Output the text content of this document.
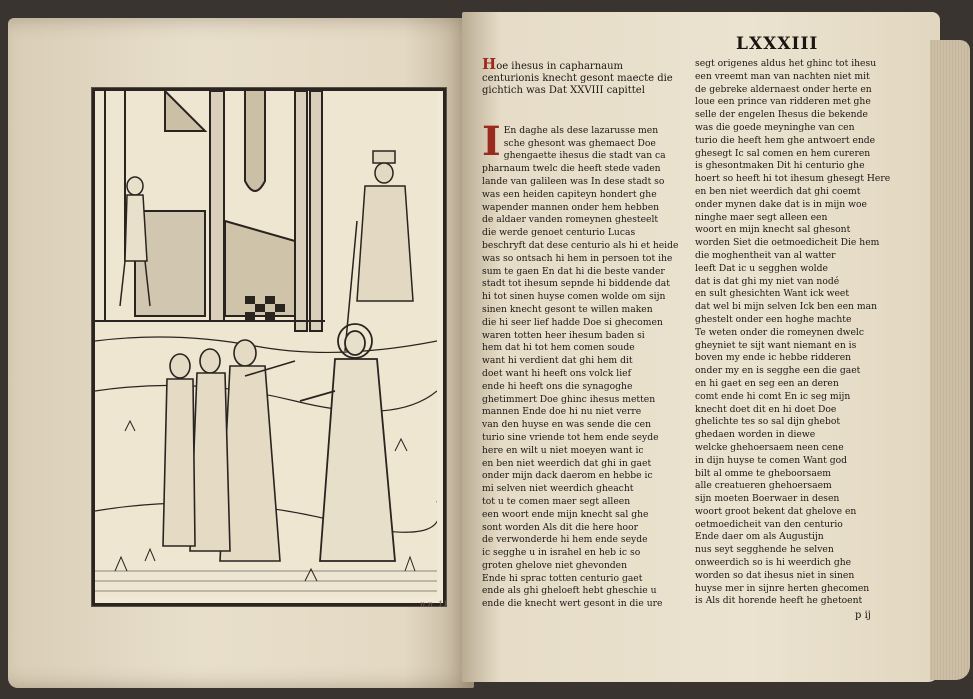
n.n. 11
LXXXIII
Hoe ihesus in capharnaum centurionis knecht gesont maecte die gichtich was Dat XXVIII capittel

I En daghe als dese lazarusse men
sche ghesont was ghemaect Doe
ghengaette ihesus die stadt van ca
pharnaum twelc die heeft stede vaden
lande van galileen was In dese stadt so
was een heiden capiteyn hondert ghe
wapender mannen onder hem hebben
de aldaer vanden romeynen ghesteelt
die werde genoet centurio Lucas
beschryft dat dese centurio als hi et heide
was so ontsach hi hem in persoen tot ihe
sum te gaen En dat hi die beste vander
stadt tot ihesum sepnde hi biddende dat
hi tot sinen huyse comen wolde om sijn
sinen knecht gesont te willen maken
die hi seer lief hadde Doe si ghecomen
waren totten heer ihesum baden si
hem dat hi tot hem comen soude
want hi verdient dat ghi hem dit
doet want hi heeft ons volck lief
ende hi heeft ons die synagoghe
ghetimmert Doe ghinc ihesus metten
mannen Ende doe hi nu niet verre
van den huyse en was sende die cen
turio sine vriende tot hem ende seyde
here en wilt u niet moeyen want ic
en ben niet weerdich dat ghi in gaet
onder mijn dack daerom en hebbe ic
mi selven niet weerdich gheacht
tot u te comen maer segt alleen
een woort ende mijn knecht sal ghe
sont worden Als dit die here hoor
de verwonderde hi hem ende seyde
ic segghe u in israhel en heb ic so
groten ghelove niet ghevonden
Ende hi sprac totten centurio gaet
ende als ghi gheloeft hebt gheschie u
ende die knecht wert gesont in die ure

segt origenes aldus het ghinc tot ihesu
een vreemt man van nachten niet mit
de gebreke aldernaest onder herte en
loue een prince van ridderen met ghe
selle der engelen Ihesus die bekende
was die goede meyninghe van cen
turio die heeft hem ghe antwoert ende
ghesegt Ic sal comen en hem cureren
is ghesontmaken Dit hi centurio ghe
hoert so heeft hi tot ihesum ghesegt Here
en ben niet weerdich dat ghi coemt
onder mynen dake dat is in mijn woe
ninghe maer segt alleen een
woort en mijn knecht sal ghesont
worden Siet die oetmoedicheit Die hem
die moghentheit van al watter
leeft Dat ic u segghen wolde
dat is dat ghi my niet van nodé
en sult ghesichten Want ick weet
dat wel bi mijn selven Ick ben een man
ghestelt onder een hoghe machte
Te weten onder die romeynen dwelc
gheyniet te sijt want niemant en is
boven my ende ic hebbe ridderen
onder my en is segghe een die gaet
en hi gaet en seg een an deren
comt ende hi comt En ic seg mijn
knecht doet dit en hi doet Doe
ghelichte tes so sal dijn ghebot
ghedaen worden in diewe
welcke ghehoersaem neen cene
in dijn huyse te comen Want god
bilt al omme te gheboorsaem
alle creatueren ghehoersaem
sijn moeten Boerwaer in desen
woort groot bekent dat ghelove en
oetmoedicheit van den centurio
Ende daer om als Augustijn
nus seyt segghende he selven
onweerdich so is hi weerdich ghe
worden so dat ihesus niet in sinen
huyse mer in sijnre herten ghecomen
is Als dit horende heeft he ghetoent

p ij
